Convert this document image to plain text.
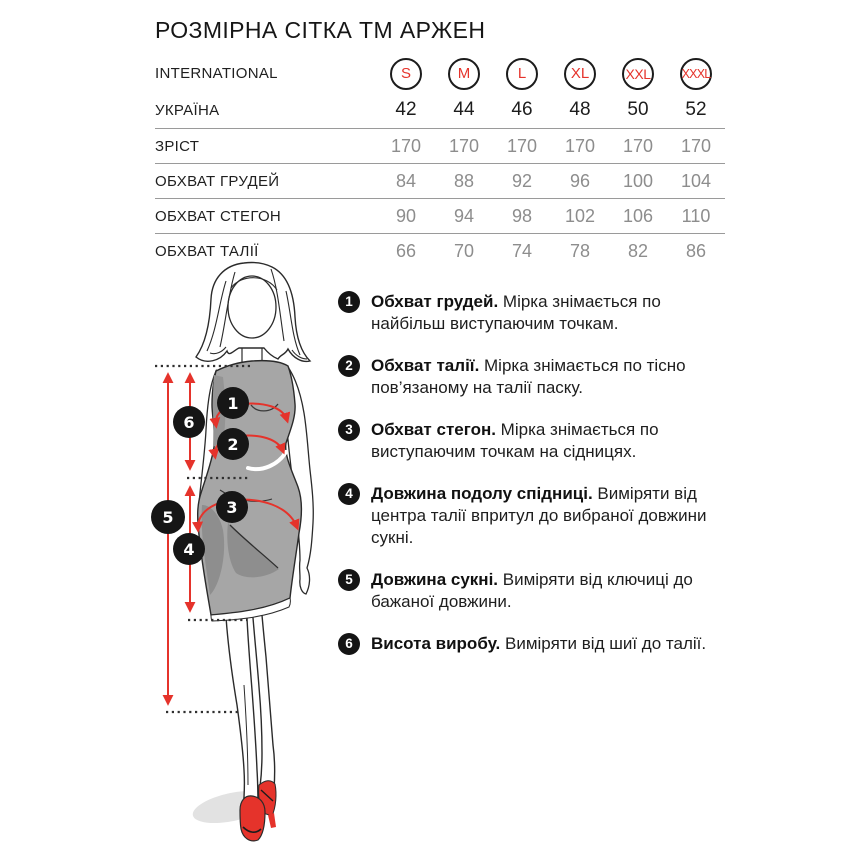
РОЗМІРНА СІТКА ТМ АРЖЕН
INTERNATIONAL	S	M	L	XL	XXL XXXL
УКРАЇНА	42 44 46 48 50 52
ЗРІСТ	170 170 170 170 170 170
ОБХВАТ ГРУДЕЙ	84 88 92 96 100 104
ОБХВАТ СТЕГОН	90 94 98 102 106 110
ОБХВАТ ТАЛІЇ	66 70 74 78 82 86
1
2
3
4
5
6
1	Обхват грудей. Мірка знімається по найбільш виступаючим точкам.
2	Обхват талії. Мірка знімається по тісно пов’язаному на талії паску.
3	Обхват стегон. Мірка знімається по виступаючим точкам на сідницях.
4	Довжина подолу спідниці. Виміряти від центра талії впритул до вибраної довжини сукні.
5	Довжина сукні. Виміряти від ключиці до бажаної довжини.
6	Висота виробу. Виміряти від шиї до талії.
